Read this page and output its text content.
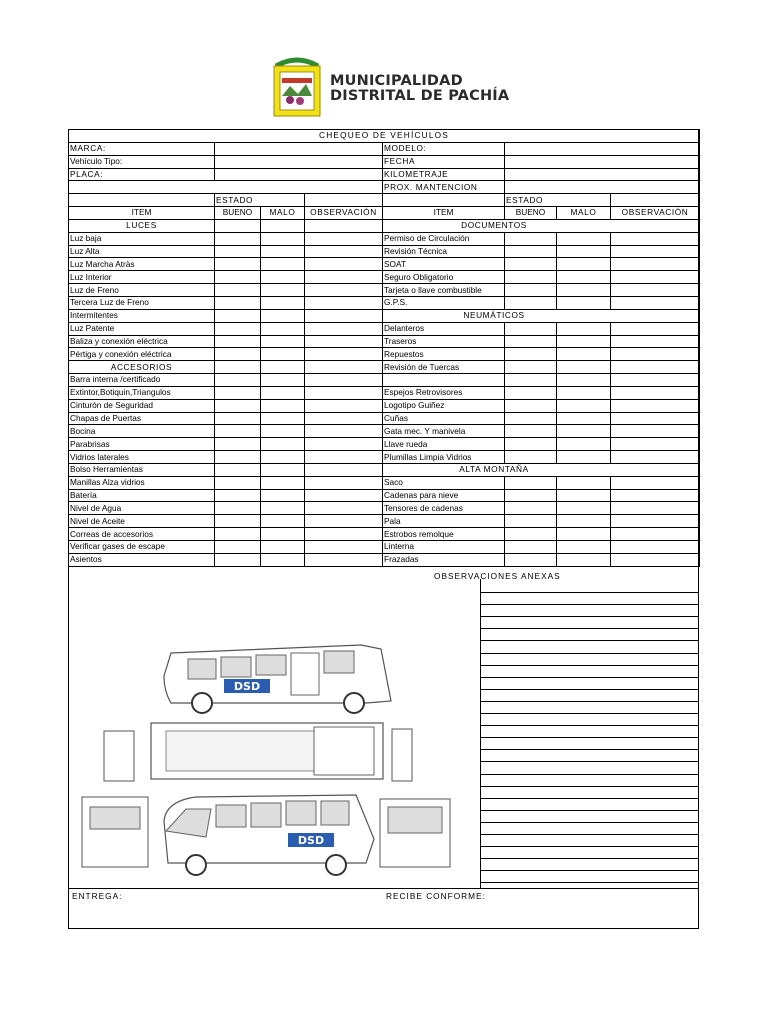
MUNICIPALIDAD
DISTRITAL DE PACHÍA
CHEQUEO DE VEHÍCULOS							
MARCA:				MODELO:			
Vehículo Tipo:				FECHA			
PLACA:				KILOMETRAJE			
				PROX. MANTENCION			
	ESTADO				ESTADO		
ITEM	BUENO	MALO	OBSERVACIÓN	ITEM	BUENO	MALO	OBSERVACIÓN
LUCES				DOCUMENTOS			
Luz baja				Permiso de Circulación			
Luz Alta				Revisión Técnica			
Luz Marcha Atràs				SOAT			
Luz Interior				Seguro Obligatorio			
Luz de Freno				Tarjeta o llave combustible			
Tercera Luz de Freno				G.P.S.			
Intermitentes				NEUMÁTICOS			
Luz Patente				Delanteros			
Baliza y conexión eléctrica				Traseros			
Pértiga y conexión eléctrica				Repuestos			
ACCESORIOS				Revisión de Tuercas			
Barra interna /certificado							
Extintor,Botiquin,Triangulos				Espejos Retrovisores			
Cinturón de Seguridad				Logotipo Guiñez			
Chapas de Puertas				Cuñas			
Bocina				Gata mec. Y manivela			
Parabrisas				Llave rueda			
Vidrios laterales				Plumillas Limpia Vidrios			
Bolso Herramientas				ALTA MONTAÑA			
Manillas Alza vidrios				Saco			
Batería				Cadenas para nieve			
Nivel de Agua				Tensores de cadenas			
Nivel de Aceite				Pala			
Correas de accesorios				Estrobos remolque			
Verificar gases de escape				Linterna			
Asientos				Frazadas			
OBSERVACIONES ANEXAS
DSD
DSD
ENTREGA:	RECIBE CONFORME:
